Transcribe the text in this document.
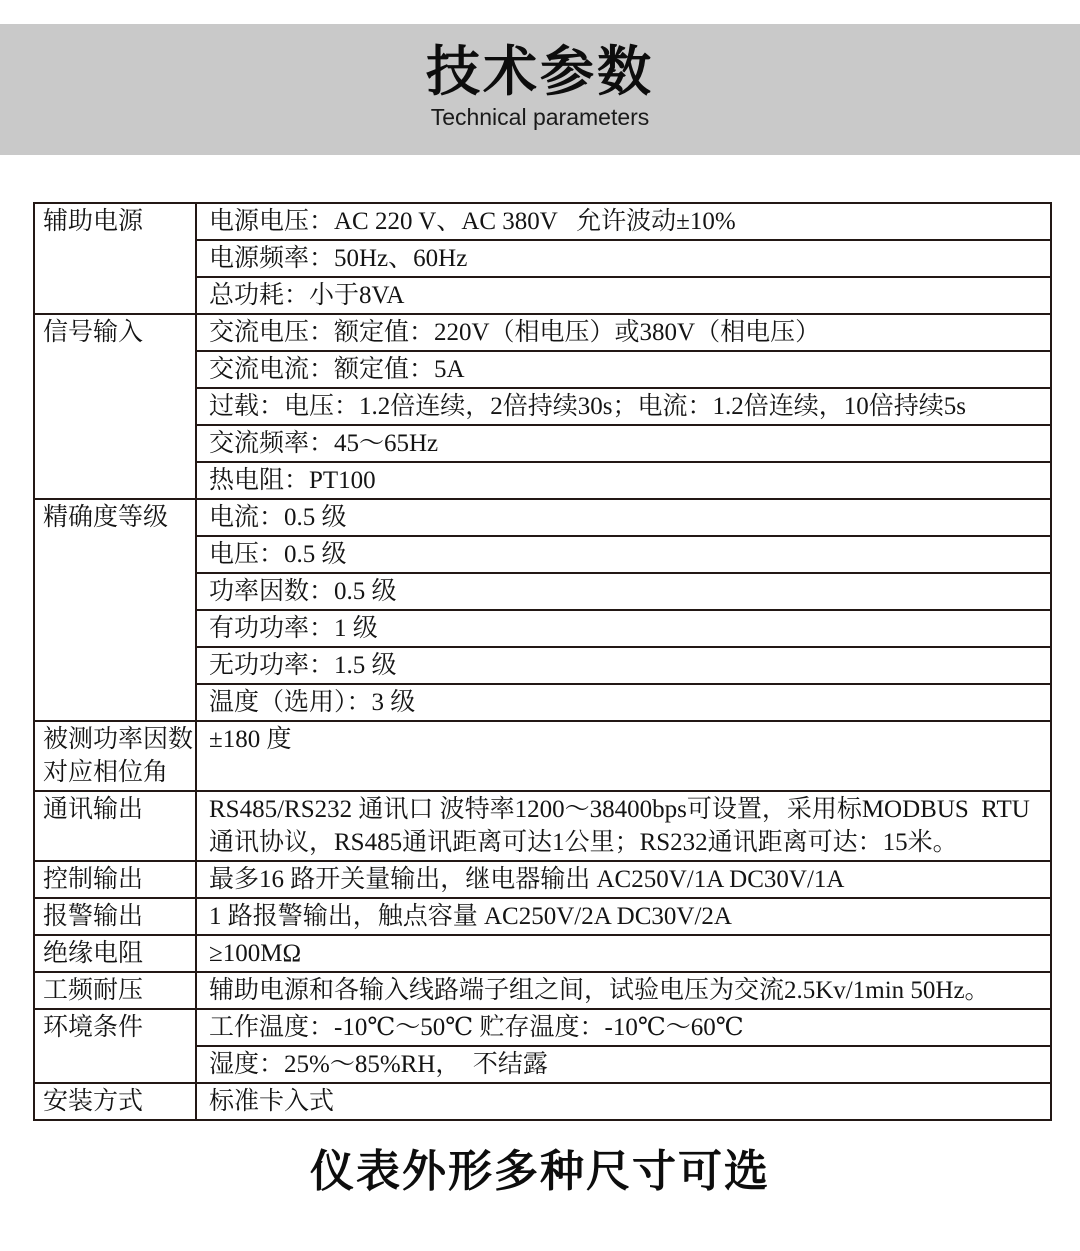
技术参数
Technical parameters
辅助电源	电源电压：AC 220 V、AC 380V   允许波动±10%
	电源频率：50Hz、60Hz
	总功耗：小于8VA

信号输入	交流电压：额定值：220V（相电压）或380V（相电压）
	交流电流：额定值：5A
	过载：电压：1.2倍连续，2倍持续30s；电流：1.2倍连续，10倍持续5s
	交流频率：45～65Hz
	热电阻：PT100

精确度等级	电流：0.5 级
	电压：0.5 级
	功率因数：0.5 级
	有功功率：1 级
	无功功率：1.5 级
	温度（选用）：3 级

被测功率因数
对应相位角	±180 度

通讯输出	RS485/RS232 通讯口 波特率1200～38400bps可设置，采用标MODBUS  RTU通讯协议，RS485通讯距离可达1公里；RS232通讯距离可达：15米。

控制输出	最多16 路开关量输出，继电器输出 AC250V/1A DC30V/1A

报警输出	1 路报警输出，触点容量 AC250V/2A DC30V/2A

绝缘电阻	≥100MΩ

工频耐压	辅助电源和各输入线路端子组之间，试验电压为交流2.5Kv/1min 50Hz。

环境条件	工作温度：-10℃～50℃ 贮存温度：-10℃～60℃
	湿度：25%～85%RH，  不结露

安装方式	标准卡入式
仪表外形多种尺寸可选
